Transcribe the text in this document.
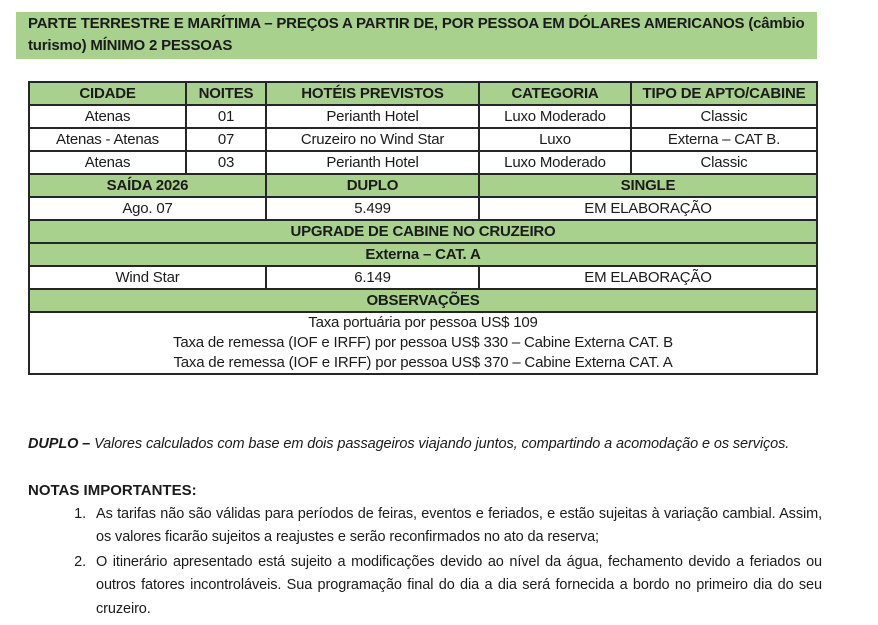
PARTE TERRESTRE E MARÍTIMA – PREÇOS A PARTIR DE, POR PESSOA EM DÓLARES AMERICANOS (câmbio turismo) MÍNIMO 2 PESSOAS
CIDADE	NOITES	HOTÉIS PREVISTOS	CATEGORIA	TIPO DE APTO/CABINE
Atenas	01	Perianth Hotel	Luxo Moderado	Classic
Atenas - Atenas	07	Cruzeiro no Wind Star	Luxo	Externa – CAT B.
Atenas	03	Perianth Hotel	Luxo Moderado	Classic
SAÍDA 2026		DUPLO	SINGLE	
Ago. 07		5.499	EM ELABORAÇÃO	
UPGRADE DE CABINE NO CRUZEIRO				
Externa – CAT. A				
Wind Star		6.149	EM ELABORAÇÃO	
OBSERVAÇÕES				

Taxa portuária por pessoa US$ 109
Taxa de remessa (IOF e IRFF) por pessoa US$ 330 – Cabine Externa CAT. B
Taxa de remessa (IOF e IRFF) por pessoa US$ 370 – Cabine Externa CAT. A				

DUPLO – Valores calculados com base em dois passageiros viajando juntos, compartindo a acomodação e os serviços.

NOTAS IMPORTANTES:
1. As tarifas não são válidas para períodos de feiras, eventos e feriados, e estão sujeitas à variação cambial. Assim, os valores ficarão sujeitos a reajustes e serão reconfirmados no ato da reserva;
2. O itinerário apresentado está sujeito a modificações devido ao nível da água, fechamento devido a feriados ou outros fatores incontroláveis. Sua programação final do dia a dia será fornecida a bordo no primeiro dia do seu cruzeiro.
